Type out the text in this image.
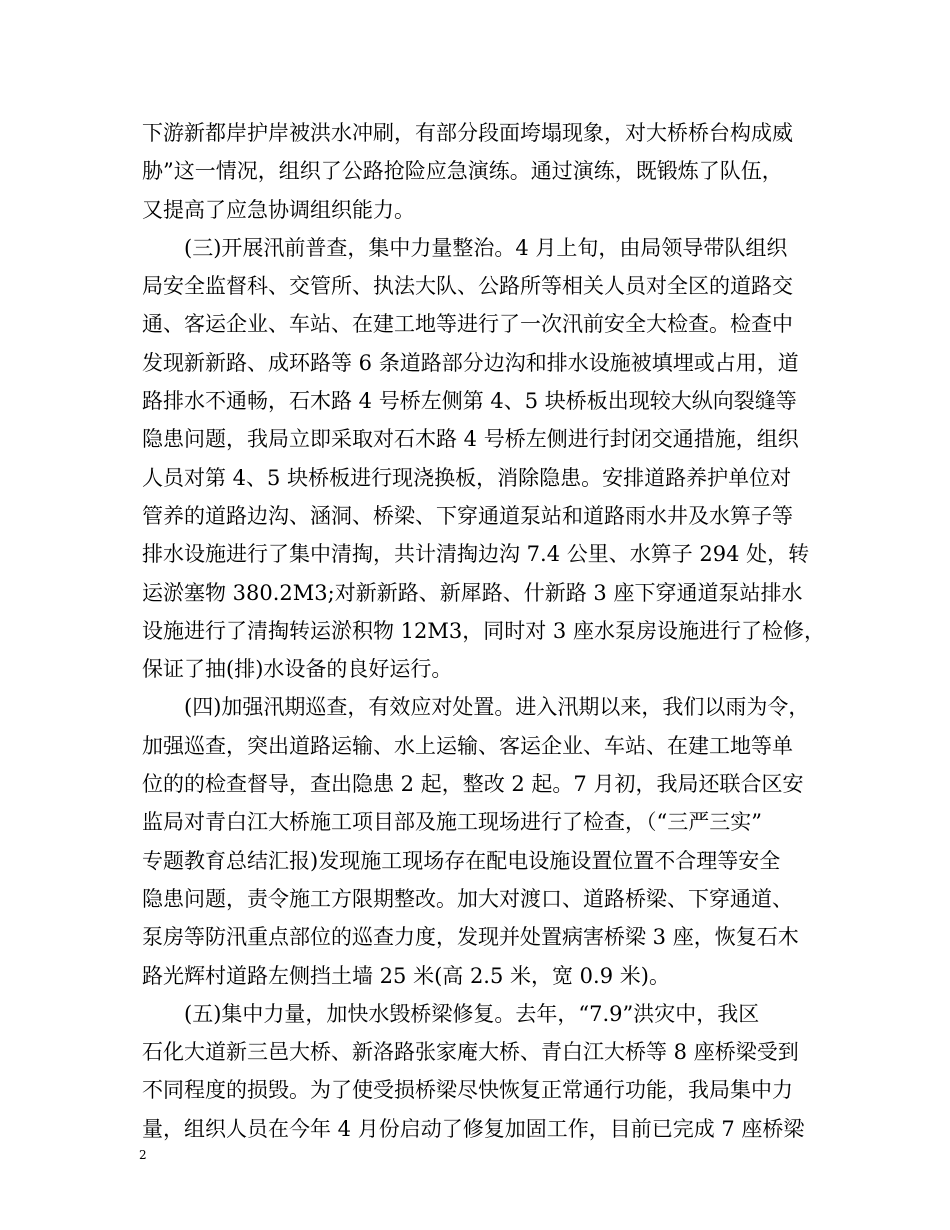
下游新都岸护岸被洪水冲刷，有部分段面垮塌现象，对大桥桥台构成威
胁”这一情况，组织了公路抢险应急演练。通过演练，既锻炼了队伍，
又提高了应急协调组织能力。
　　(三)开展汛前普查，集中力量整治。4 月上旬，由局领导带队组织
局安全监督科、交管所、执法大队、公路所等相关人员对全区的道路交
通、客运企业、车站、在建工地等进行了一次汛前安全大检查。检查中
发现新新路、成环路等 6 条道路部分边沟和排水设施被填埋或占用，道
路排水不通畅，石木路 4 号桥左侧第 4、5 块桥板出现较大纵向裂缝等
隐患问题，我局立即采取对石木路 4 号桥左侧进行封闭交通措施，组织
人员对第 4、5 块桥板进行现浇换板，消除隐患。安排道路养护单位对
管养的道路边沟、涵洞、桥梁、下穿通道泵站和道路雨水井及水箅子等
排水设施进行了集中清掏，共计清掏边沟 7.4 公里、水箅子 294 处，转
运淤塞物 380.2M3;对新新路、新犀路、什新路 3 座下穿通道泵站排水
设施进行了清掏转运淤积物 12M3，同时对 3 座水泵房设施进行了检修，
保证了抽(排)水设备的良好运行。
　　(四)加强汛期巡查，有效应对处置。进入汛期以来，我们以雨为令，
加强巡查，突出道路运输、水上运输、客运企业、车站、在建工地等单
位的的检查督导，查出隐患 2 起，整改 2 起。7 月初，我局还联合区安
监局对青白江大桥施工项目部及施工现场进行了检查，（“三严三实”
专题教育总结汇报)发现施工现场存在配电设施设置位置不合理等安全
隐患问题，责令施工方限期整改。加大对渡口、道路桥梁、下穿通道、
泵房等防汛重点部位的巡查力度，发现并处置病害桥梁 3 座，恢复石木
路光辉村道路左侧挡土墙 25 米(高 2.5 米，宽 0.9 米)。
　　(五)集中力量，加快水毁桥梁修复。去年，“7.9”洪灾中，我区
石化大道新三邑大桥、新洛路张家庵大桥、青白江大桥等 8 座桥梁受到
不同程度的损毁。为了使受损桥梁尽快恢复正常通行功能，我局集中力
量，组织人员在今年 4 月份启动了修复加固工作，目前已完成 7 座桥梁
2
